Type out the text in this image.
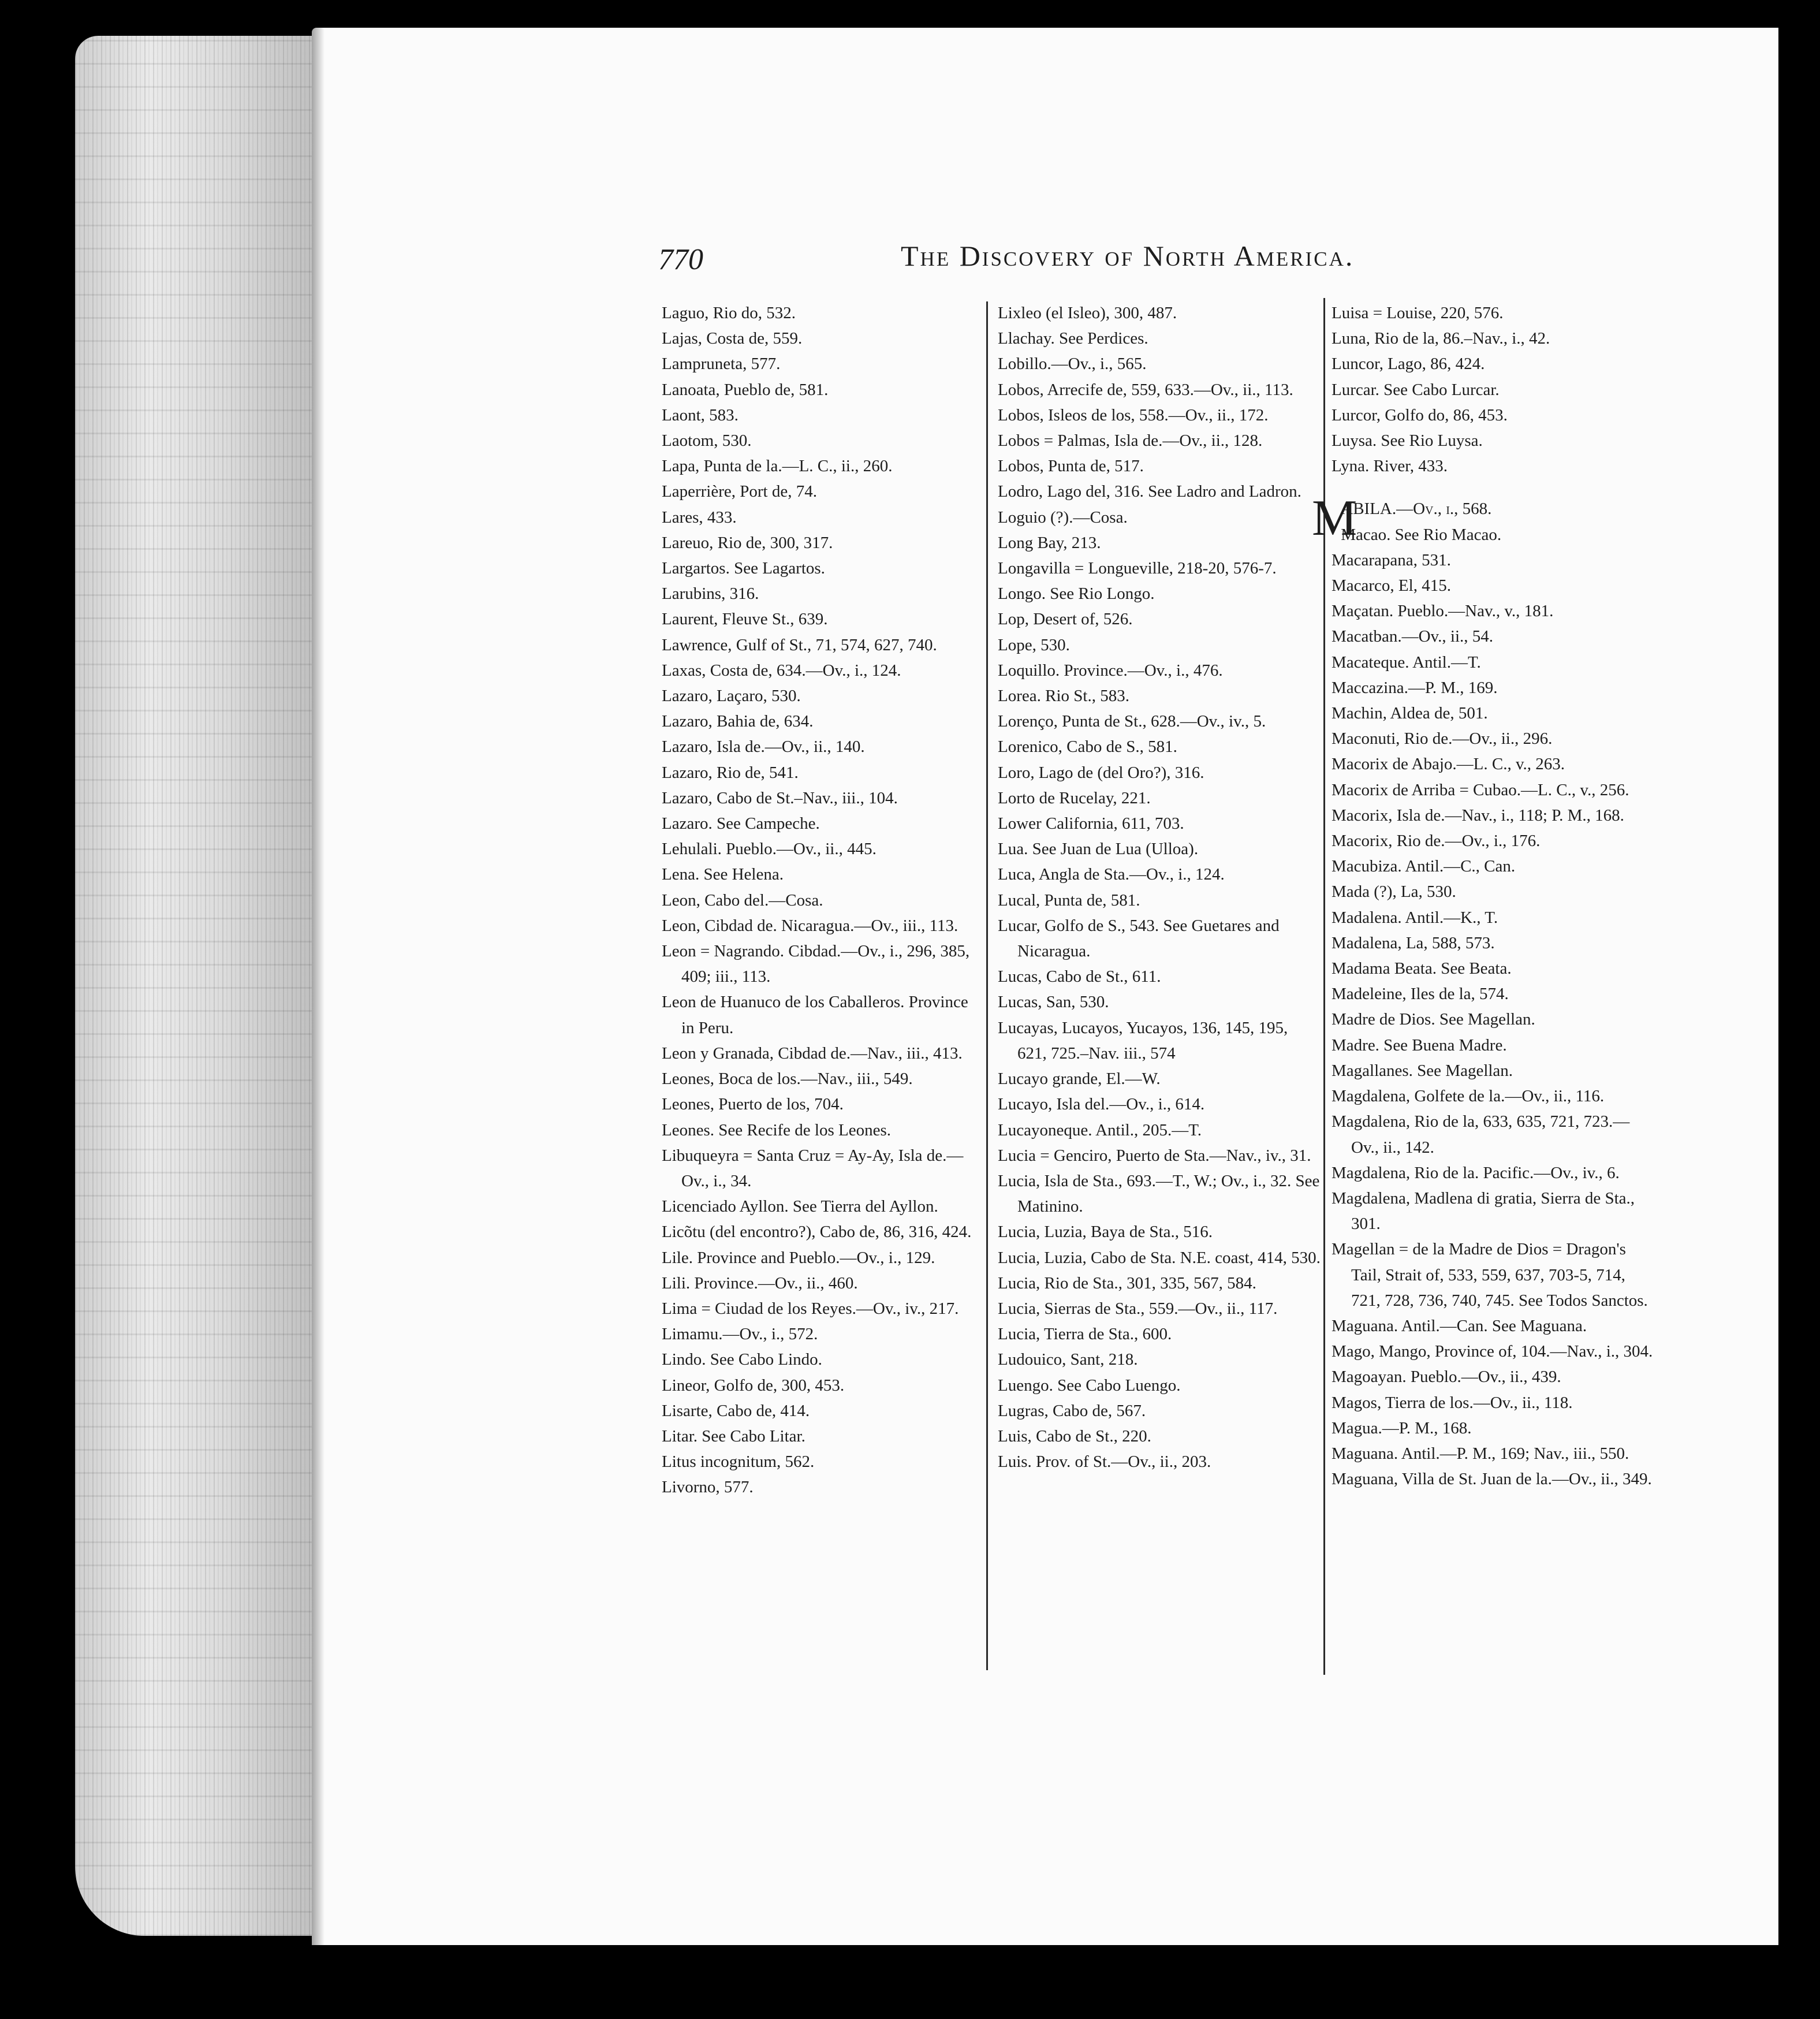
770	The Discovery of North America.

Laguo, Rio do, 532.

Lajas, Costa de, 559.

Lampruneta, 577.

Lanoata, Pueblo de, 581.

Laont, 583.

Laotom, 530.

Lapa, Punta de la.—L. C., ii., 260.

Laperrière, Port de, 74.

Lares, 433.

Lareuo, Rio de, 300, 317.

Largartos. See Lagartos.

Larubins, 316.

Laurent, Fleuve St., 639.

Lawrence, Gulf of St., 71, 574, 627, 740.

Laxas, Costa de, 634.—Ov., i., 124.

Lazaro, Laçaro, 530.

Lazaro, Bahia de, 634.

Lazaro, Isla de.—Ov., ii., 140.

Lazaro, Rio de, 541.

Lazaro, Cabo de St.–Nav., iii., 104.

Lazaro. See Campeche.

Lehulali. Pueblo.—Ov., ii., 445.

Lena. See Helena.

Leon, Cabo del.—Cosa.

Leon, Cibdad de. Nicaragua.—Ov., iii., 113.

Leon = Nagrando. Cibdad.—Ov., i., 296, 385, 409; iii., 113.

Leon de Huanuco de los Caballeros. Province in Peru.

Leon y Granada, Cibdad de.—Nav., iii., 413.

Leones, Boca de los.—Nav., iii., 549.

Leones, Puerto de los, 704.

Leones. See Recife de los Leones.

Libuqueyra = Santa Cruz = Ay-Ay, Isla de.—Ov., i., 34.

Licenciado Ayllon. See Tierra del Ayllon.

Licõtu (del encontro?), Cabo de, 86, 316, 424.

Lile. Province and Pueblo.—Ov., i., 129.

Lili. Province.—Ov., ii., 460.

Lima = Ciudad de los Reyes.—Ov., iv., 217.

Limamu.—Ov., i., 572.

Lindo. See Cabo Lindo.

Lineor, Golfo de, 300, 453.

Lisarte, Cabo de, 414.

Litar. See Cabo Litar.

Litus incognitum, 562.

Livorno, 577.

Lixleo (el Isleo), 300, 487.

Llachay. See Perdices.

Lobillo.—Ov., i., 565.

Lobos, Arrecife de, 559, 633.—Ov., ii., 113.

Lobos, Isleos de los, 558.—Ov., ii., 172.

Lobos = Palmas, Isla de.—Ov., ii., 128.

Lobos, Punta de, 517.

Lodro, Lago del, 316. See Ladro and Ladron.

Loguio (?).—Cosa.

Long Bay, 213.

Longavilla = Longueville, 218-20, 576-7.

Longo. See Rio Longo.

Lop, Desert of, 526.

Lope, 530.

Loquillo. Province.—Ov., i., 476.

Lorea. Rio St., 583.

Lorenço, Punta de St., 628.—Ov., iv., 5.

Lorenico, Cabo de S., 581.

Loro, Lago de (del Oro?), 316.

Lorto de Rucelay, 221.

Lower California, 611, 703.

Lua. See Juan de Lua (Ulloa).

Luca, Angla de Sta.—Ov., i., 124.

Lucal, Punta de, 581.

Lucar, Golfo de S., 543. See Guetares and Nicaragua.

Lucas, Cabo de St., 611.

Lucas, San, 530.

Lucayas, Lucayos, Yucayos, 136, 145, 195, 621, 725.–Nav. iii., 574

Lucayo grande, El.—W.

Lucayo, Isla del.—Ov., i., 614.

Lucayoneque. Antil., 205.—T.

Lucia = Genciro, Puerto de Sta.—Nav., iv., 31.

Lucia, Isla de Sta., 693.—T., W.; Ov., i., 32. See Matinino.

Lucia, Luzia, Baya de Sta., 516.

Lucia, Luzia, Cabo de Sta. N.E. coast, 414, 530.

Lucia, Rio de Sta., 301, 335, 567, 584.

Lucia, Sierras de Sta., 559.—Ov., ii., 117.

Lucia, Tierra de Sta., 600.

Ludouico, Sant, 218.

Luengo. See Cabo Luengo.

Lugras, Cabo de, 567.

Luis, Cabo de St., 220.

Luis. Prov. of St.—Ov., ii., 203.

Luisa = Louise, 220, 576.

Luna, Rio de la, 86.–Nav., i., 42.

Luncor, Lago, 86, 424.

Lurcar. See Cabo Lurcar.

Lurcor, Golfo do, 86, 453.

Luysa. See Rio Luysa.

Lyna. River, 433.

M
ABILA.—Ov., i., 568.

Macao. See Rio Macao.

Macarapana, 531.

Macarco, El, 415.

Maçatan. Pueblo.—Nav., v., 181.

Macatban.—Ov., ii., 54.

Macateque. Antil.—T.

Maccazina.—P. M., 169.

Machin, Aldea de, 501.

Maconuti, Rio de.—Ov., ii., 296.

Macorix de Abajo.—L. C., v., 263.

Macorix de Arriba = Cubao.—L. C., v., 256.

Macorix, Isla de.—Nav., i., 118; P. M., 168.

Macorix, Rio de.—Ov., i., 176.

Macubiza. Antil.—C., Can.

Mada (?), La, 530.

Madalena. Antil.—K., T.

Madalena, La, 588, 573.

Madama Beata. See Beata.

Madeleine, Iles de la, 574.

Madre de Dios. See Magellan.

Madre. See Buena Madre.

Magallanes. See Magellan.

Magdalena, Golfete de la.—Ov., ii., 116.

Magdalena, Rio de la, 633, 635, 721, 723.—Ov., ii., 142.

Magdalena, Rio de la. Pacific.—Ov., iv., 6.

Magdalena, Madlena di gratia, Sierra de Sta., 301.

Magellan = de la Madre de Dios = Dragon's Tail, Strait of, 533, 559, 637, 703-5, 714, 721, 728, 736, 740, 745. See Todos Sanctos.

Maguana. Antil.—Can. See Maguana.

Mago, Mango, Province of, 104.—Nav., i., 304.

Magoayan. Pueblo.—Ov., ii., 439.

Magos, Tierra de los.—Ov., ii., 118.

Magua.—P. M., 168.

Maguana. Antil.—P. M., 169; Nav., iii., 550.

Maguana, Villa de St. Juan de la.—Ov., ii., 349.
